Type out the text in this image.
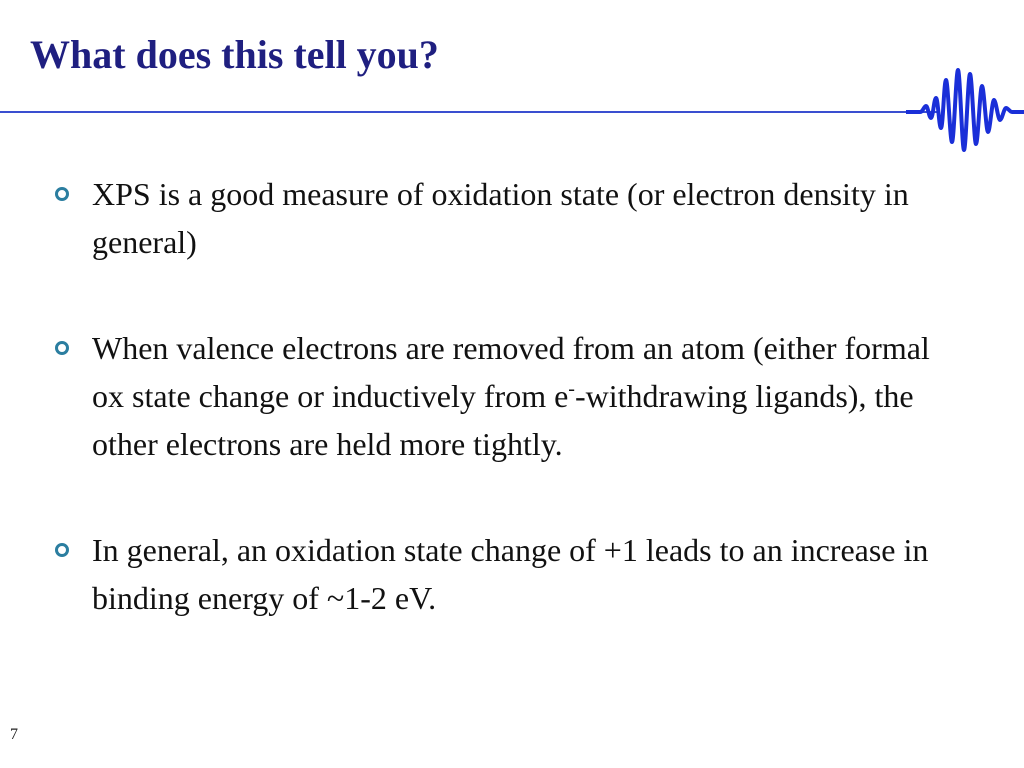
What does this tell you?
XPS is a good measure of oxidation state (or electron density in general)
When valence electrons are removed from an atom (either formal ox state change or inductively from e--withdrawing ligands), the other electrons are held more tightly.
In general, an oxidation state change of +1 leads to an increase in binding energy of ~1-2 eV.
7
